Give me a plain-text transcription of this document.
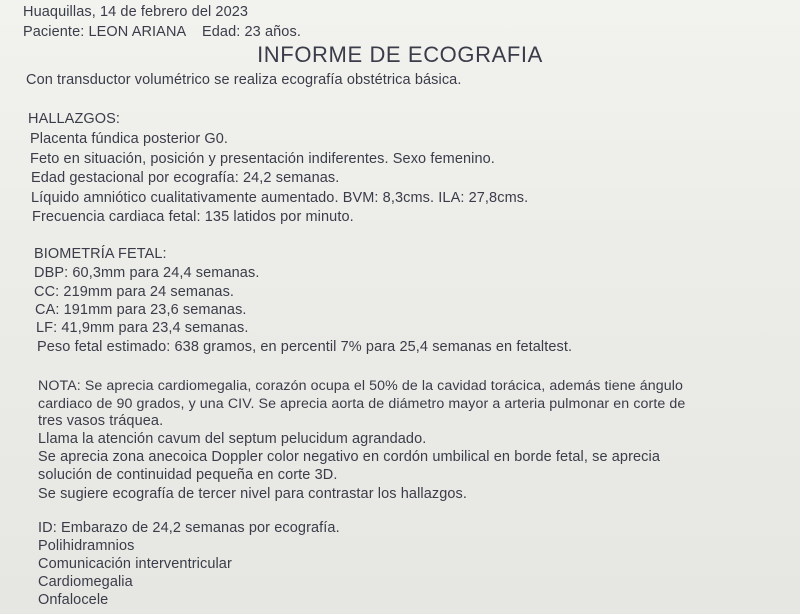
Huaquillas, 14 de febrero del 2023
Paciente: LEON ARIANA    Edad: 23 años.
INFORME DE ECOGRAFIA
Con transductor volumétrico se realiza ecografía obstétrica básica.
HALLAZGOS:
Placenta fúndica posterior G0.
Feto en situación, posición y presentación indiferentes. Sexo femenino.
Edad gestacional por ecografía: 24,2 semanas.
Líquido amniótico cualitativamente aumentado. BVM: 8,3cms. ILA: 27,8cms.
Frecuencia cardiaca fetal: 135 latidos por minuto.
BIOMETRÍA FETAL:
DBP: 60,3mm para 24,4 semanas.
CC: 219mm para 24 semanas.
CA: 191mm para 23,6 semanas.
LF: 41,9mm para 23,4 semanas.
Peso fetal estimado: 638 gramos, en percentil 7% para 25,4 semanas en fetaltest.
NOTA: Se aprecia cardiomegalia, corazón ocupa el 50% de la cavidad torácica, además tiene ángulo
cardiaco de 90 grados, y una CIV. Se aprecia aorta de diámetro mayor a arteria pulmonar en corte de
tres vasos tráquea.
Llama la atención cavum del septum pelucidum agrandado.
Se aprecia zona anecoica Doppler color negativo en cordón umbilical en borde fetal, se aprecia
solución de continuidad pequeña en corte 3D.
Se sugiere ecografía de tercer nivel para contrastar los hallazgos.
ID: Embarazo de 24,2 semanas por ecografía.
Polihidramnios
Comunicación interventricular
Cardiomegalia
Onfalocele
